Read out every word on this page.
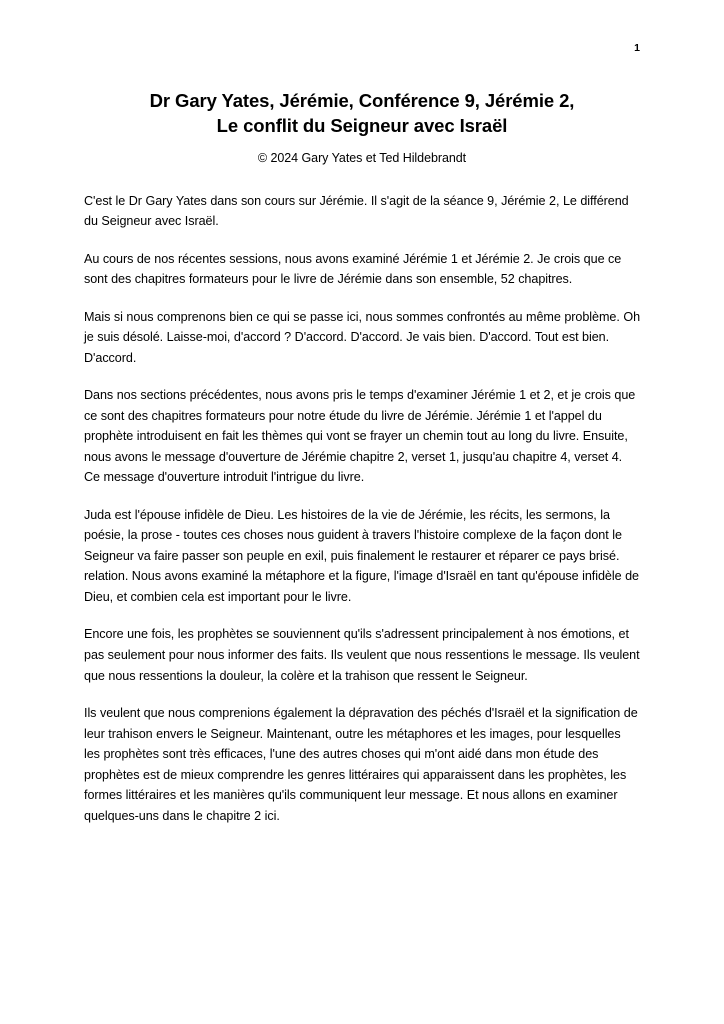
1
Dr Gary Yates, Jérémie, Conférence 9, Jérémie 2,
Le conflit du Seigneur avec Israël
© 2024 Gary Yates et Ted Hildebrandt

C'est le Dr Gary Yates dans son cours sur Jérémie. Il s'agit de la séance 9, Jérémie 2, Le différend du Seigneur avec Israël.

Au cours de nos récentes sessions, nous avons examiné Jérémie 1 et Jérémie 2. Je crois que ce sont des chapitres formateurs pour le livre de Jérémie dans son ensemble, 52 chapitres.

Mais si nous comprenons bien ce qui se passe ici, nous sommes confrontés au même problème. Oh je suis désolé. Laisse-moi, d'accord ? D'accord. D'accord. Je vais bien. D'accord. Tout est bien. D'accord.

Dans nos sections précédentes, nous avons pris le temps d'examiner Jérémie 1 et 2, et je crois que ce sont des chapitres formateurs pour notre étude du livre de Jérémie. Jérémie 1 et l'appel du prophète introduisent en fait les thèmes qui vont se frayer un chemin tout au long du livre. Ensuite, nous avons le message d'ouverture de Jérémie chapitre 2, verset 1, jusqu'au chapitre 4, verset 4. Ce message d'ouverture introduit l'intrigue du livre.

Juda est l'épouse infidèle de Dieu. Les histoires de la vie de Jérémie, les récits, les sermons, la poésie, la prose - toutes ces choses nous guident à travers l'histoire complexe de la façon dont le Seigneur va faire passer son peuple en exil, puis finalement le restaurer et réparer ce pays brisé. relation. Nous avons examiné la métaphore et la figure, l'image d'Israël en tant qu'épouse infidèle de Dieu, et combien cela est important pour le livre.

Encore une fois, les prophètes se souviennent qu'ils s'adressent principalement à nos émotions, et pas seulement pour nous informer des faits. Ils veulent que nous ressentions le message. Ils veulent que nous ressentions la douleur, la colère et la trahison que ressent le Seigneur.

Ils veulent que nous comprenions également la dépravation des péchés d'Israël et la signification de leur trahison envers le Seigneur. Maintenant, outre les métaphores et les images, pour lesquelles les prophètes sont très efficaces, l'une des autres choses qui m'ont aidé dans mon étude des prophètes est de mieux comprendre les genres littéraires qui apparaissent dans les prophètes, les formes littéraires et les manières qu'ils communiquent leur message. Et nous allons en examiner quelques-uns dans le chapitre 2 ici.
